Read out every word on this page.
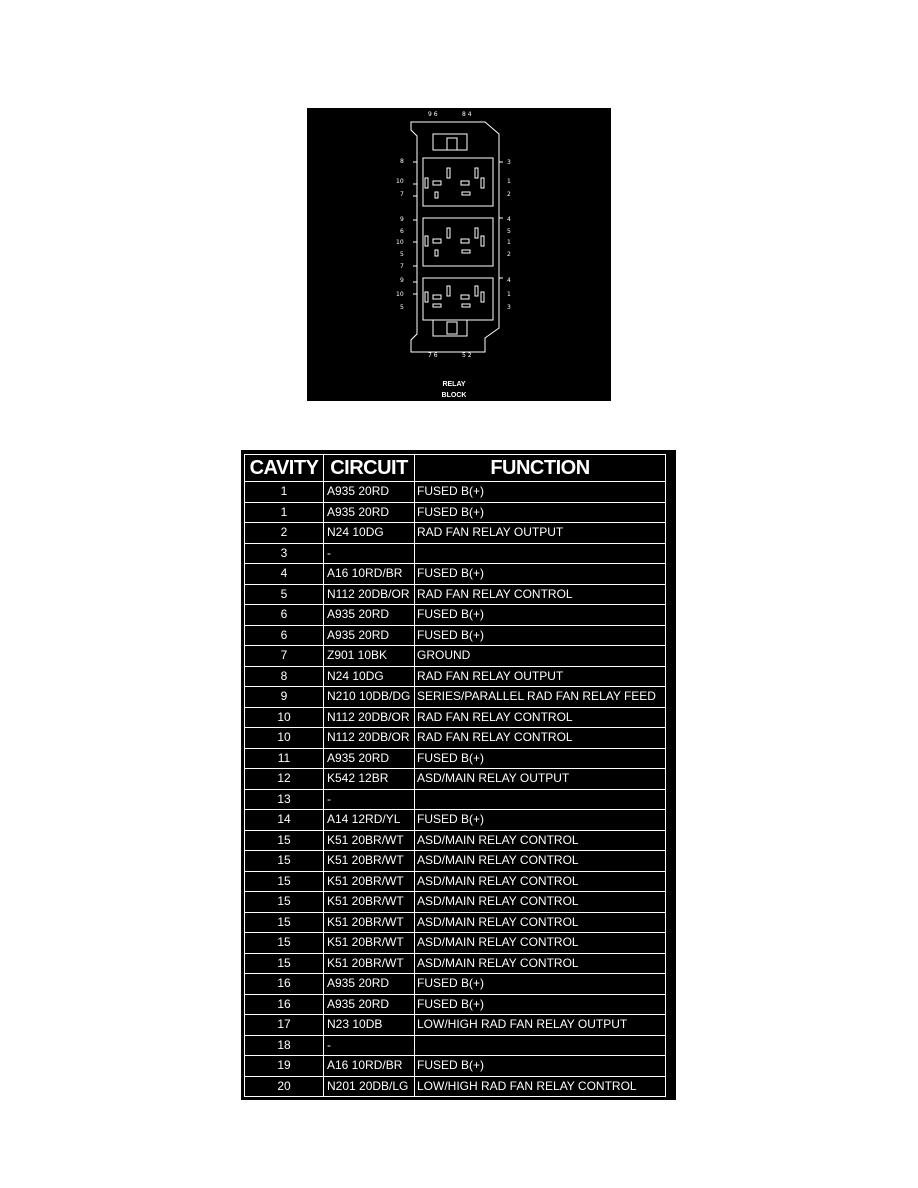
9 6	8 4
7 6	5 2
8
10
7
9
6
10
5
7
9
10
5
3
1
2
4
5
1
2
4
1
3
RELAY
BLOCK
CAVITY	CIRCUIT	FUNCTION
1	A935 20RD	FUSED B(+)
1	A935 20RD	FUSED B(+)
2	N24 10DG	RAD FAN RELAY OUTPUT
3	-	
4	A16 10RD/BR	FUSED B(+)
5	N112 20DB/OR	RAD FAN RELAY CONTROL
6	A935 20RD	FUSED B(+)
6	A935 20RD	FUSED B(+)
7	Z901 10BK	GROUND
8	N24 10DG	RAD FAN RELAY OUTPUT
9	N210 10DB/DG	SERIES/PARALLEL RAD FAN RELAY FEED
10	N112 20DB/OR	RAD FAN RELAY CONTROL
10	N112 20DB/OR	RAD FAN RELAY CONTROL
11	A935 20RD	FUSED B(+)
12	K542 12BR	ASD/MAIN RELAY OUTPUT
13	-	
14	A14 12RD/YL	FUSED B(+)
15	K51 20BR/WT	ASD/MAIN RELAY CONTROL
15	K51 20BR/WT	ASD/MAIN RELAY CONTROL
15	K51 20BR/WT	ASD/MAIN RELAY CONTROL
15	K51 20BR/WT	ASD/MAIN RELAY CONTROL
15	K51 20BR/WT	ASD/MAIN RELAY CONTROL
15	K51 20BR/WT	ASD/MAIN RELAY CONTROL
15	K51 20BR/WT	ASD/MAIN RELAY CONTROL
16	A935 20RD	FUSED B(+)
16	A935 20RD	FUSED B(+)
17	N23 10DB	LOW/HIGH RAD FAN RELAY OUTPUT
18	-	
19	A16 10RD/BR	FUSED B(+)
20	N201 20DB/LG	LOW/HIGH RAD FAN RELAY CONTROL
